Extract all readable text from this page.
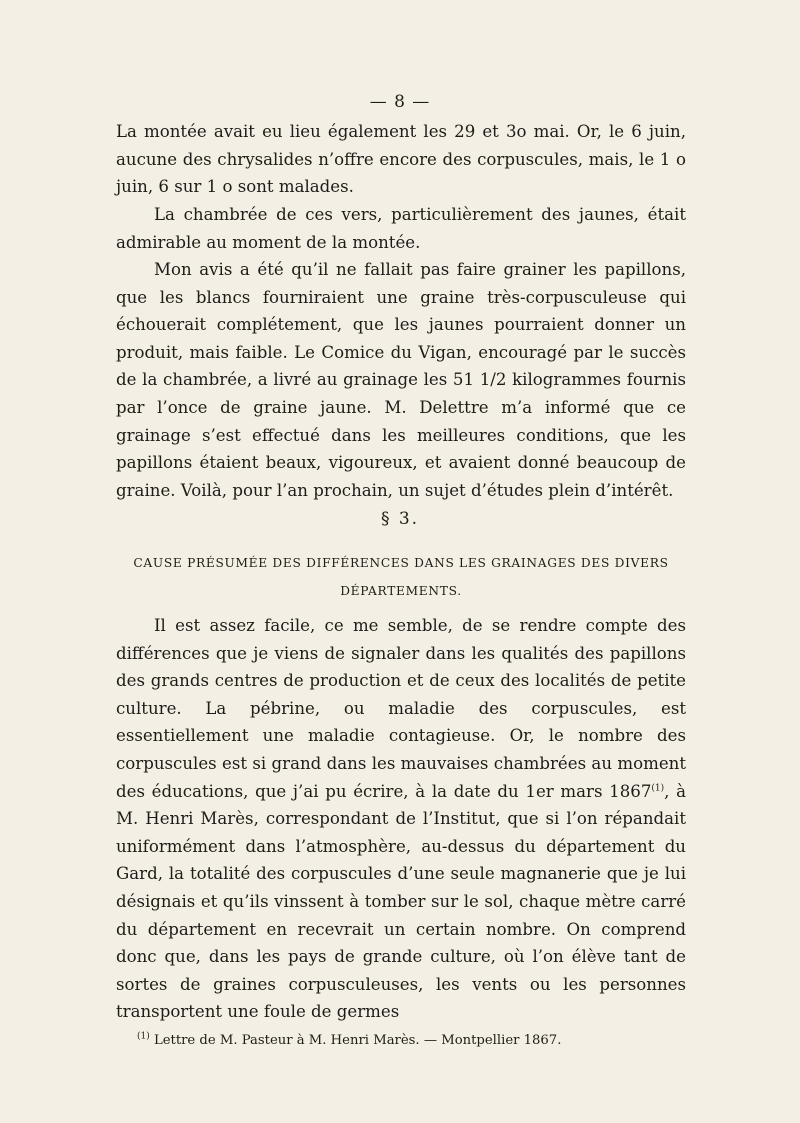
— 8 —

La montée avait eu lieu également les 29 et 3o mai. Or, le 6 juin, aucune des chrysalides n’offre encore des corpuscules, mais, le 1 o juin, 6 sur 1 o sont malades.

La chambrée de ces vers, particulièrement des jaunes, était admirable au moment de la montée.

Mon avis a été qu’il ne fallait pas faire grainer les papillons, que les blancs fourniraient une graine très-corpusculeuse qui échouerait complétement, que les jaunes pourraient donner un produit, mais faible. Le Comice du Vigan, encouragé par le succès de la chambrée, a livré au grainage les 51 1/2 kilogrammes fournis par l’once de graine jaune. M. Delettre m’a informé que ce grainage s’est effectué dans les meilleures conditions, que les papillons étaient beaux, vigoureux, et avaient donné beaucoup de graine. Voilà, pour l’an prochain, un sujet d’études plein d’intérêt.

§ 3.
CAUSE PRÉSUMÉE DES DIFFÉRENCES DANS LES GRAINAGES DES DIVERS
DÉPARTEMENTS.

Il est assez facile, ce me semble, de se rendre compte des différences que je viens de signaler dans les qualités des papillons des grands centres de production et de ceux des localités de petite culture. La pébrine, ou maladie des corpuscules, est essentiellement une maladie contagieuse. Or, le nombre des corpuscules est si grand dans les mauvaises chambrées au moment des éducations, que j’ai pu écrire, à la date du 1er mars 1867$^{(1)}$, à M. Henri Marès, correspondant de l’Institut, que si l’on répandait uniformément dans l’atmosphère, au-dessus du département du Gard, la totalité des corpuscules d’une seule magnanerie que je lui désignais et qu’ils vinssent à tomber sur le sol, chaque mètre carré du département en recevrait un certain nombre. On comprend donc que, dans les pays de grande culture, où l’on élève tant de sortes de graines corpusculeuses, les vents ou les personnes transportent une foule de germes

$^{(1)}$ Lettre de M. Pasteur à M. Henri Marès. — Montpellier 1867.
